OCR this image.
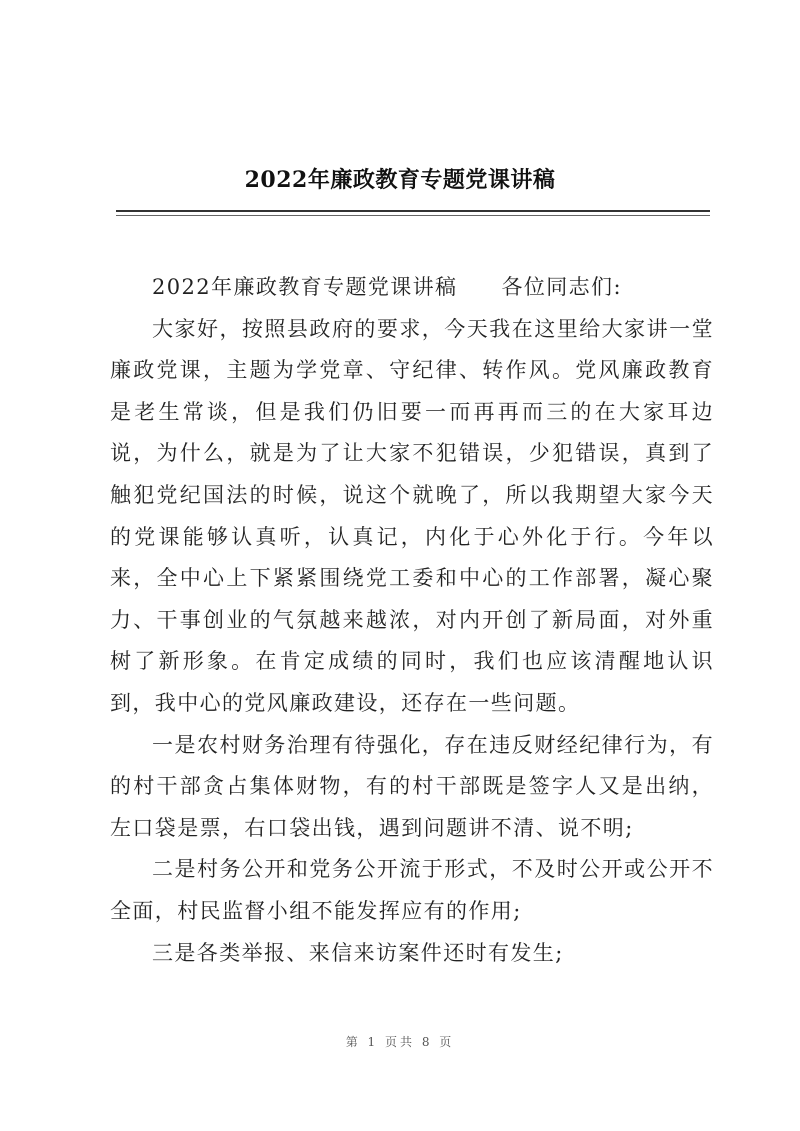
2022年廉政教育专题党课讲稿

2022年廉政教育专题党课讲稿 各位同志们:

大家好，按照县政府的要求，今天我在这里给大家讲一堂廉政党课，主题为学党章、守纪律、转作风。党风廉政教育是老生常谈，但是我们仍旧要一而再再而三的在大家耳边说，为什么，就是为了让大家不犯错误，少犯错误，真到了触犯党纪国法的时候，说这个就晚了，所以我期望大家今天的党课能够认真听，认真记，内化于心外化于行。今年以来，全中心上下紧紧围绕党工委和中心的工作部署，凝心聚力、干事创业的气氛越来越浓，对内开创了新局面，对外重树了新形象。在肯定成绩的同时，我们也应该清醒地认识到，我中心的党风廉政建设，还存在一些问题。

一是农村财务治理有待强化，存在违反财经纪律行为，有的村干部贪占集体财物，有的村干部既是签字人又是出纳，左口袋是票，右口袋出钱，遇到问题讲不清、说不明;

二是村务公开和党务公开流于形式，不及时公开或公开不全面，村民监督小组不能发挥应有的作用;

三是各类举报、来信来访案件还时有发生;

第 1 页共 8 页
